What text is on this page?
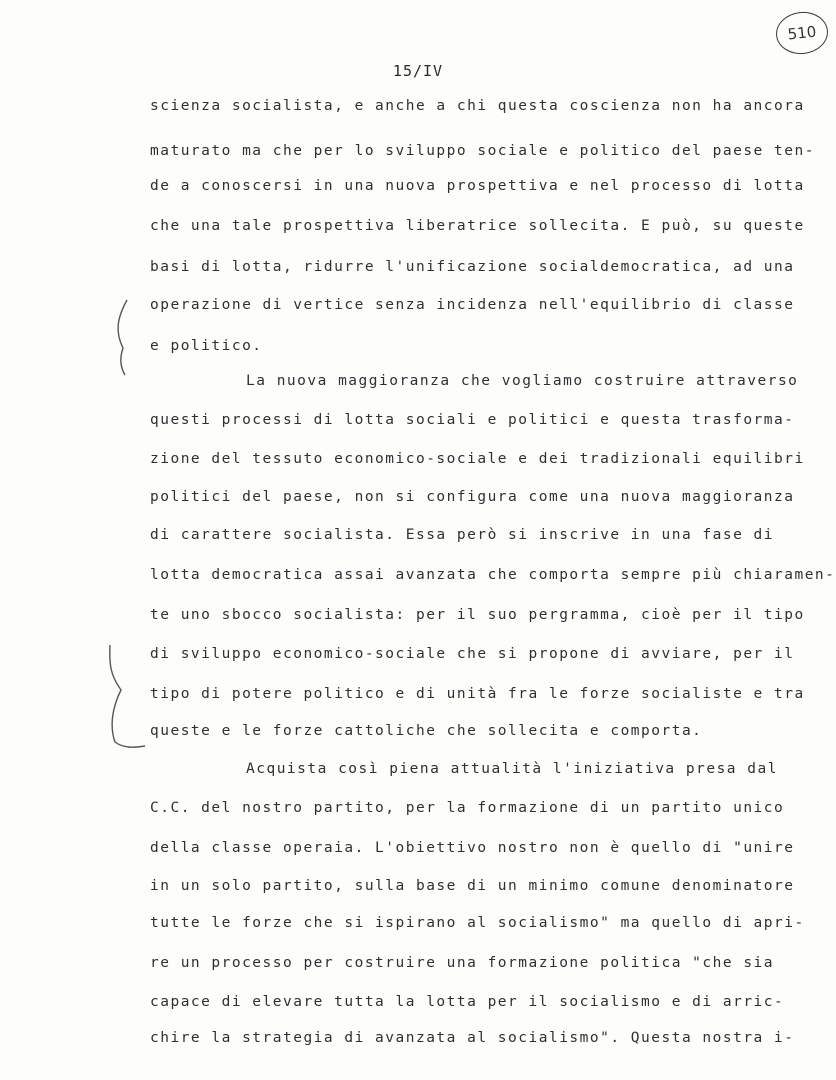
510
15/IV
scienza socialista, e anche a chi questa coscienza non ha ancora
maturato ma che per lo sviluppo sociale e politico del paese ten-
de a conoscersi in una nuova prospettiva e nel processo di lotta
che una tale prospettiva liberatrice sollecita. E può, su queste
basi di lotta, ridurre l'unificazione socialdemocratica, ad una
operazione di vertice senza incidenza nell'equilibrio di classe
e politico.
La nuova maggioranza che vogliamo costruire attraverso
questi processi di lotta sociali e politici e questa trasforma-
zione del tessuto economico-sociale e dei tradizionali equilibri
politici del paese, non si configura come una nuova maggioranza
di carattere socialista. Essa però si inscrive in una fase di
lotta democratica assai avanzata che comporta sempre più chiaramen-
te uno sbocco socialista: per il suo pergramma, cioè per il tipo
di sviluppo economico-sociale che si propone di avviare, per il
tipo di potere politico e di unità fra le forze socialiste e tra
queste e le forze cattoliche che sollecita e comporta.
Acquista così piena attualità l'iniziativa presa dal
C.C. del nostro partito, per la formazione di un partito unico
della classe operaia. L'obiettivo nostro non è quello di "unire
in un solo partito, sulla base di un minimo comune denominatore
tutte le forze che si ispirano al socialismo" ma quello di apri-
re un processo per costruire una formazione politica "che sia
capace di elevare tutta la lotta per il socialismo e di arric-
chire la strategia di avanzata al socialismo". Questa nostra i-
